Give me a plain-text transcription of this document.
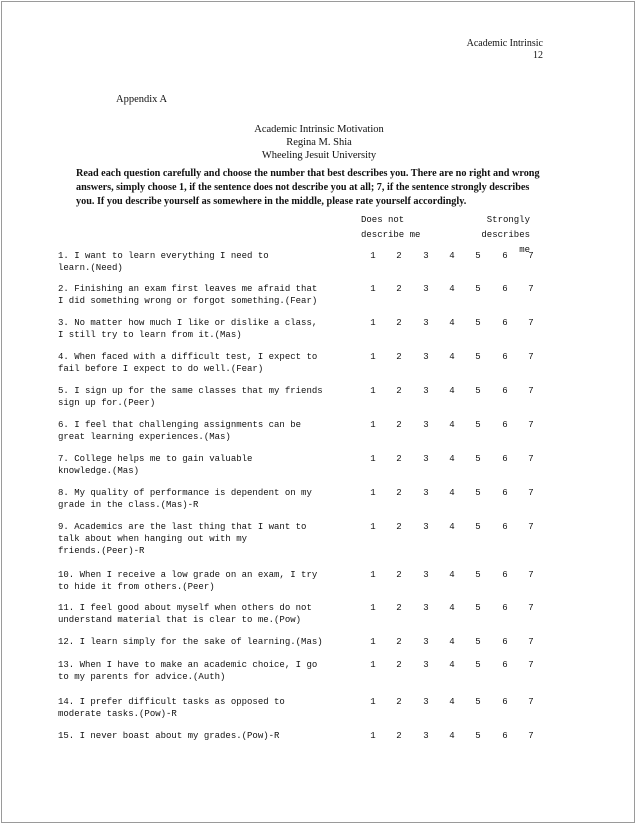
Academic Intrinsic
12
Appendix A
Academic Intrinsic Motivation
Regina M. Shia
Wheeling Jesuit University
Read each question carefully and choose the number that best describes you. There are no right and wrong answers, simply choose 1, if the sentence does not describe you at all; 7, if the sentence strongly describes you. If you describe yourself as somewhere in the middle, please rate yourself accordingly.
Does not
describe me
Strongly
describes me
1. I want to learn everything I need to
learn.(Need)
1	2	3	4	5	6	7
2. Finishing an exam first leaves me afraid that
I did something wrong or forgot something.(Fear)
1	2	3	4	5	6	7
3. No matter how much I like or dislike a class,
I still try to learn from it.(Mas)
1	2	3	4	5	6	7
4. When faced with a difficult test, I expect to
fail before I expect to do well.(Fear)
1	2	3	4	5	6	7
5. I sign up for the same classes that my friends
sign up for.(Peer)
1	2	3	4	5	6	7
6. I feel that challenging assignments can be
great learning experiences.(Mas)
1	2	3	4	5	6	7
7. College helps me to gain valuable
knowledge.(Mas)
1	2	3	4	5	6	7
8. My quality of performance is dependent on my
grade in the class.(Mas)-R
1	2	3	4	5	6	7
9. Academics are the last thing that I want to
talk about when hanging out with my
friends.(Peer)-R
1	2	3	4	5	6	7
10. When I receive a low grade on an exam, I try
to hide it from others.(Peer)
1	2	3	4	5	6	7
11. I feel good about myself when others do not
understand material that is clear to me.(Pow)
1	2	3	4	5	6	7
12. I learn simply for the sake of learning.(Mas)	1	2	3	4	5	6	7
13. When I have to make an academic choice, I go
to my parents for advice.(Auth)
1	2	3	4	5	6	7
14. I prefer difficult tasks as opposed to
moderate tasks.(Pow)-R
1	2	3	4	5	6	7
15. I never boast about my grades.(Pow)-R	1	2	3	4	5	6	7
